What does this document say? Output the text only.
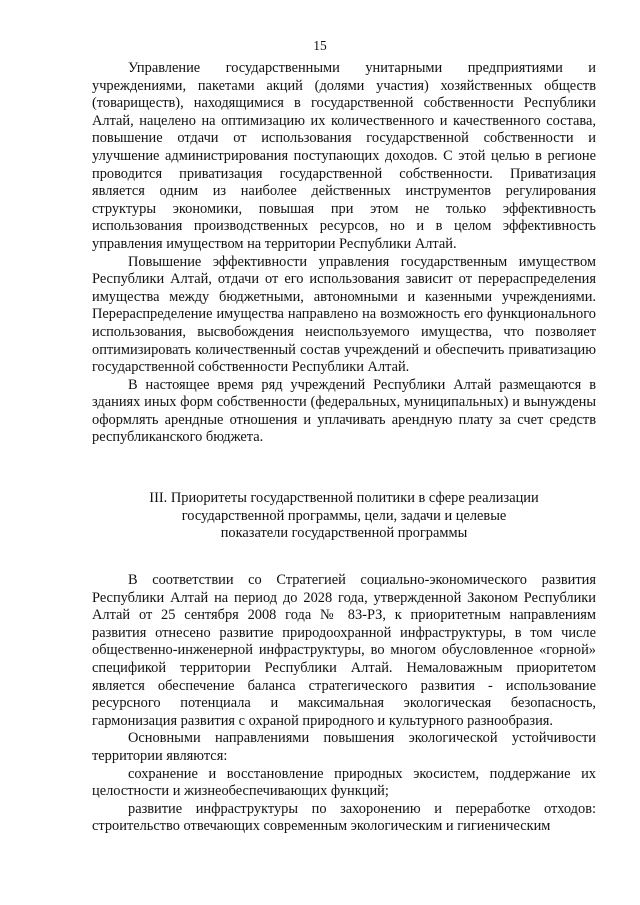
15

Управление государственными унитарными предприятиями и учреждениями, пакетами акций (долями участия) хозяйственных обществ (товариществ), находящимися в государственной собственности Республики Алтай, нацелено на оптимизацию их количественного и качественного состава, повышение отдачи от использования государственной собственности и улучшение администрирования поступающих доходов. С этой целью в регионе проводится приватизация государственной собственности. Приватизация является одним из наиболее действенных инструментов регулирования структуры экономики, повышая при этом не только эффективность использования производственных ресурсов, но и в целом эффективность управления имуществом на территории Республики Алтай.

Повышение эффективности управления государственным имуществом Республики Алтай, отдачи от его использования зависит от перераспределения имущества между бюджетными, автономными и казенными учреждениями. Перераспределение имущества направлено на возможность его функционального использования, высвобождения неиспользуемого имущества, что позволяет оптимизировать количественный состав учреждений и обеспечить приватизацию государственной собственности Республики Алтай.

В настоящее время ряд учреждений Республики Алтай размещаются в зданиях иных форм собственности (федеральных, муниципальных) и вынуждены оформлять арендные отношения и уплачивать арендную плату за счет средств республиканского бюджета.

III. Приоритеты государственной политики в сфере реализации
государственной программы, цели, задачи и целевые
показатели государственной программы

В соответствии со Стратегией социально-экономического развития Республики Алтай на период до 2028 года, утвержденной Законом Республики Алтай от 25 сентября 2008 года № 83-РЗ, к приоритетным направлениям развития отнесено развитие природоохранной инфраструктуры, в том числе общественно-инженерной инфраструктуры, во многом обусловленное «горной» спецификой территории Республики Алтай. Немаловажным приоритетом является обеспечение баланса стратегического развития - использование ресурсного потенциала и максимальная экологическая безопасность, гармонизация развития с охраной природного и культурного разнообразия.

Основными направлениями повышения экологической устойчивости территории являются:

сохранение и восстановление природных экосистем, поддержание их целостности и жизнеобеспечивающих функций;

развитие инфраструктуры по захоронению и переработке отходов: строительство отвечающих современным экологическим и гигиеническим
